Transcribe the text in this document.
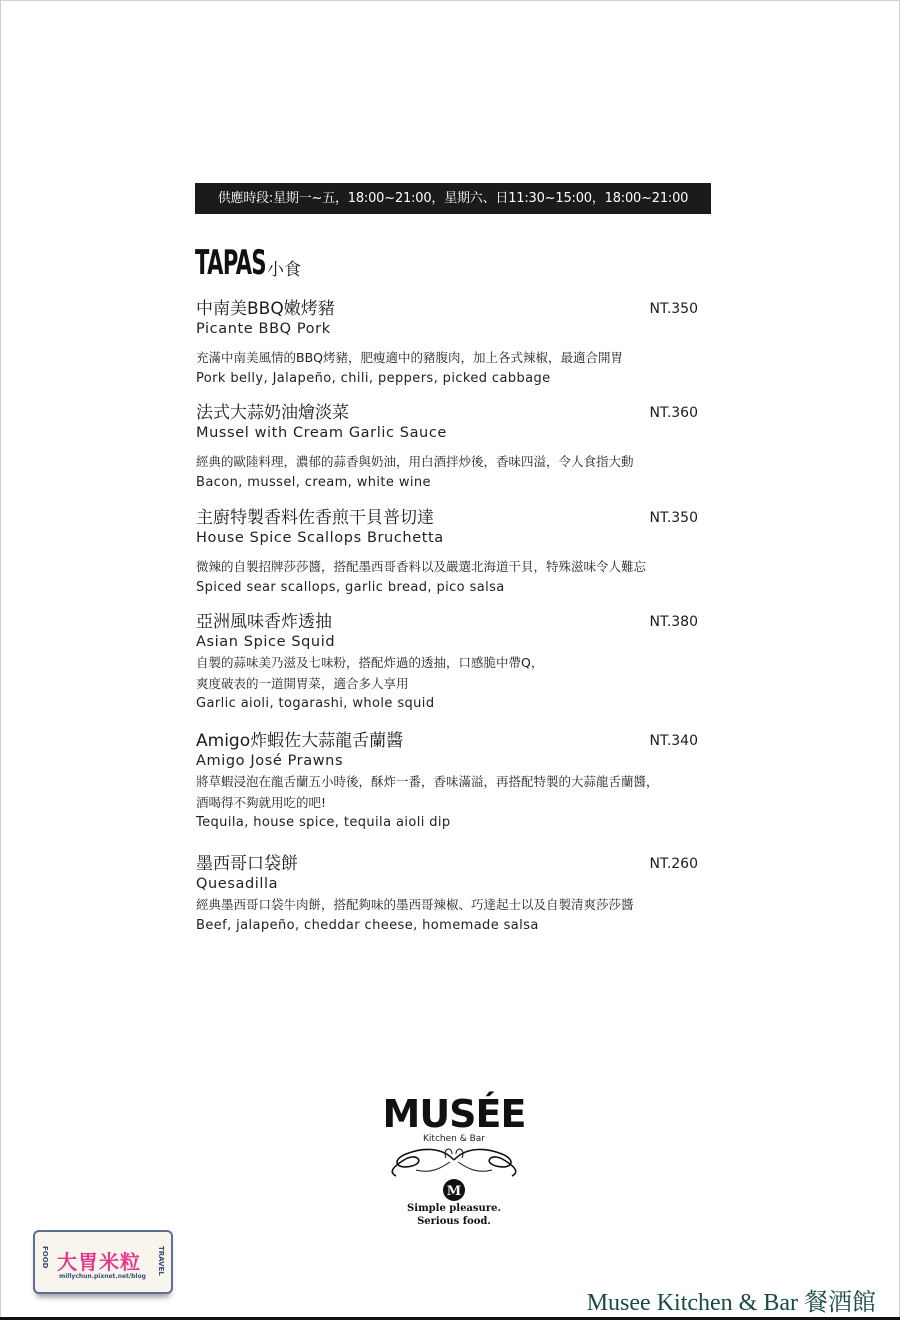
供應時段:星期一~五，18:00~21:00，星期六、日11:30~15:00，18:00~21:00
TAPAS 小食
中南美BBQ嫩烤豬	NT.350
Picante BBQ Pork
充滿中南美風情的BBQ烤豬，肥瘦適中的豬腹肉，加上各式辣椒，最適合開胃
Pork belly, Jalapeño, chili, peppers, picked cabbage
法式大蒜奶油燴淡菜	NT.360
Mussel with Cream Garlic Sauce
經典的歐陸料理，濃郁的蒜香與奶油，用白酒拌炒後，香味四溢，令人食指大動
Bacon, mussel, cream, white wine
主廚特製香料佐香煎干貝普切達	NT.350
House Spice Scallops Bruchetta
微辣的自製招牌莎莎醬，搭配墨西哥香料以及嚴選北海道干貝，特殊滋味令人難忘
Spiced sear scallops, garlic bread, pico salsa
亞洲風味香炸透抽	NT.380
Asian Spice Squid
自製的蒜味美乃滋及七味粉，搭配炸過的透抽，口感脆中帶Q，
爽度破表的一道開胃菜，適合多人享用
Garlic aioli, togarashi, whole squid
Amigo炸蝦佐大蒜龍舌蘭醬	NT.340
Amigo José Prawns
將草蝦浸泡在龍舌蘭五小時後，酥炸一番，香味滿溢，再搭配特製的大蒜龍舌蘭醬，
酒喝得不夠就用吃的吧!
Tequila, house spice, tequila aioli dip
墨西哥口袋餅	NT.260
Quesadilla
經典墨西哥口袋牛肉餅，搭配夠味的墨西哥辣椒、巧達起士以及自製清爽莎莎醬
Beef, jalapeño, cheddar cheese, homemade salsa
MUSÉE
Kitchen & Bar
M
Simple pleasure.
Serious food.
FOOD 大胃米粒
millychun.pixnet.net/blog
TRAVEL
Musee Kitchen & Bar 餐酒館
